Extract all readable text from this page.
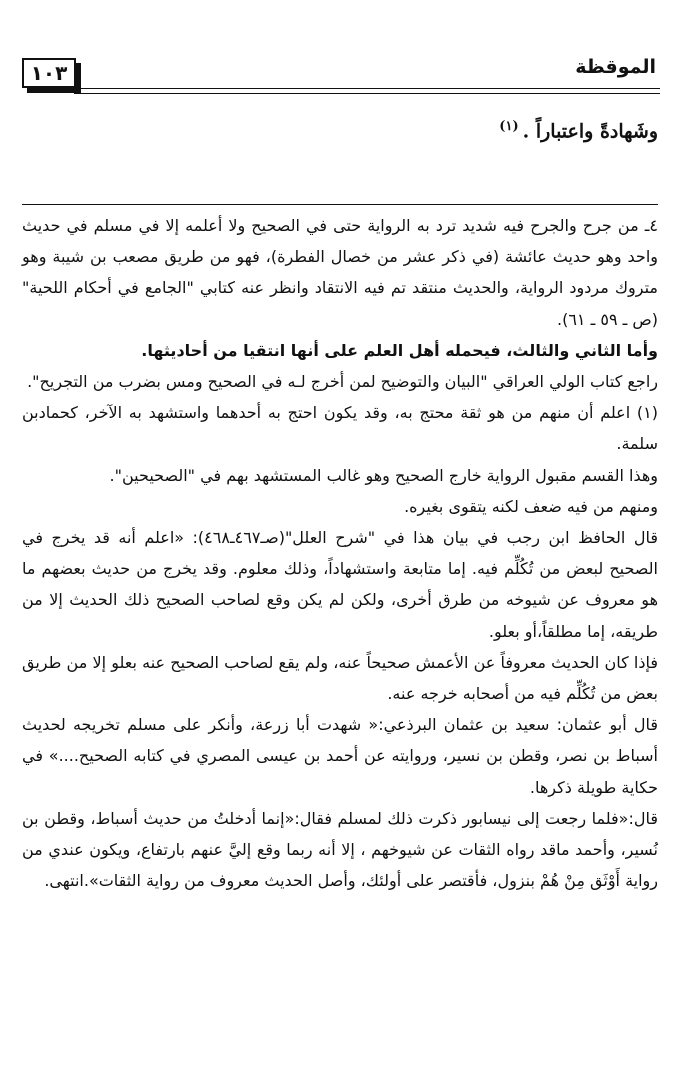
١٠٣	الموقظة
وشَهادةً واعتباراً .$^{(١)}$

٤ـ من جرح والجرح فيه شديد ترد به الرواية حتى في الصحيح ولا أعلمه إلا في مسلم في حديث واحد وهو حديث عائشة (في ذكر عشر من خصال الفطرة)، فهو من طريق مصعب بن شيبة وهو متروك مردود الرواية، والحديث منتقد تم فيه الانتقاد وانظر عنه كتابي "الجامع في أحكام اللحية" (ص ـ ٥٩ ـ ٦١).

وأما الثاني والثالث، فيحمله أهل العلم على أنها انتقيا من أحاديثها.

راجع كتاب الولي العراقي "البيان والتوضيح لمن أخرج لـه في الصحيح ومس بضرب من التجريح".

(١) اعلم أن منهم من هو ثقة محتج به، وقد يكون احتج به أحدهما واستشهد به الآخر، كحمادبن سلمة.

وهذا القسم مقبول الرواية خارج الصحيح وهو غالب المستشهد بهم في "الصحيحين".

ومنهم من فيه ضعف لكنه يتقوى بغيره.

قال الحافظ ابن رجب في بيان هذا في "شرح العلل"(صـ٤٦٧ـ٤٦٨): «اعلم أنه قد يخرج في الصحيح لبعض من تُكُلِّم فيه. إما متابعة واستشهاداً، وذلك معلوم. وقد يخرج من حديث بعضهم ما هو معروف عن شيوخه من طرق أخرى، ولكن لم يكن وقع لصاحب الصحيح ذلك الحديث إلا من طريقه، إما مطلقاً،أو بعلو.

فإذا كان الحديث معروفاً عن الأعمش صحيحاً عنه، ولم يقع لصاحب الصحيح عنه بعلو إلا من طريق بعض من تُكُلِّم فيه من أصحابه خرجه عنه.

قال أبو عثمان: سعيد بن عثمان البرذعي:« شهدت أبا زرعة، وأنكر على مسلم تخريجه لحديث أسباط بن نصر، وقطن بن نسير، وروايته عن أحمد بن عيسى المصري في كتابه الصحيح....» في حكاية طويلة ذكرها.

قال:«فلما رجعت إلى نيسابور ذكرت ذلك لمسلم فقال:«إنما أدخلتُ من حديث أسباط، وقطن بن نُسير، وأحمد ماقد رواه الثقات عن شيوخهم ، إلا أنه ربما وقع إليَّ عنهم بارتفاع، ويكون عندي من رواية أَوْثَق مِنْ هُمْ بنزول، فأقتصر على أولئك، وأصل الحديث معروف من رواية الثقات».انتهى.
